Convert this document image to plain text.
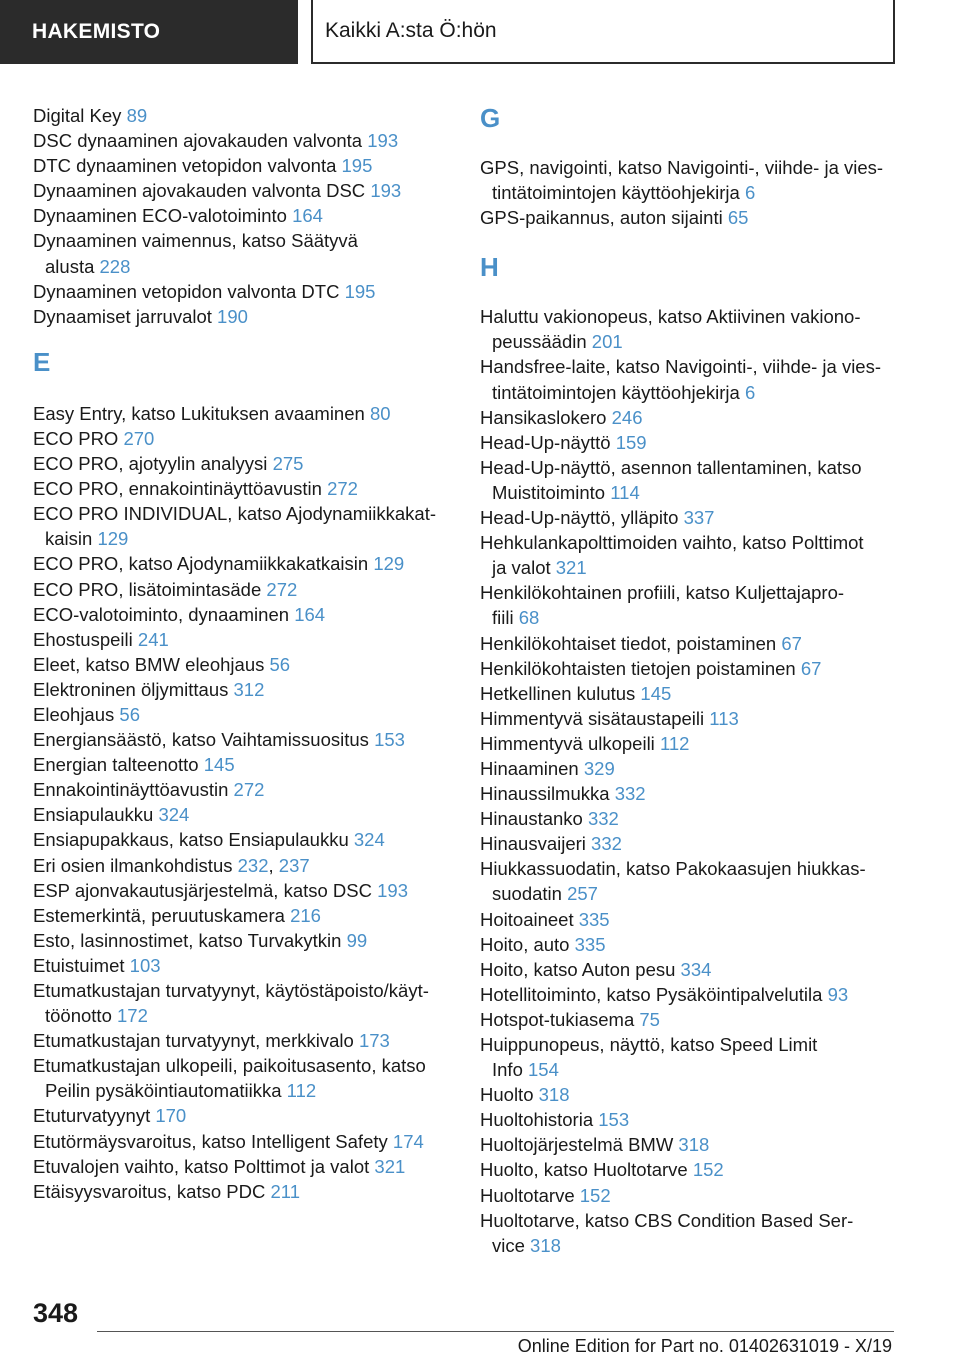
HAKEMISTO	Kaikki A:sta Ö:hön
Digital Key 89
DSC dynaaminen ajovakauden valvonta 193
DTC dynaaminen vetopidon valvonta 195
Dynaaminen ajovakauden valvonta DSC 193
Dynaaminen ECO-valotoiminto 164
Dynaaminen vaimennus, katso Säätyvä
alusta 228
Dynaaminen vetopidon valvonta DTC 195
Dynaamiset jarruvalot 190
E
Easy Entry, katso Lukituksen avaaminen 80
ECO PRO 270
ECO PRO, ajotyylin analyysi 275
ECO PRO, ennakointinäyttöavustin 272
ECO PRO INDIVIDUAL, katso Ajodynamiikkakat-
kaisin 129
ECO PRO, katso Ajodynamiikkakatkaisin 129
ECO PRO, lisätoimintasäde 272
ECO-valotoiminto, dynaaminen 164
Ehostuspeili 241
Eleet, katso BMW eleohjaus 56
Elektroninen öljymittaus 312
Eleohjaus 56
Energiansäästö, katso Vaihtamissuositus 153
Energian talteenotto 145
Ennakointinäyttöavustin 272
Ensiapulaukku 324
Ensiapupakkaus, katso Ensiapulaukku 324
Eri osien ilmankohdistus 232, 237
ESP ajonvakautusjärjestelmä, katso DSC 193
Estemerkintä, peruutuskamera 216
Esto, lasinnostimet, katso Turvakytkin 99
Etuistuimet 103
Etumatkustajan turvatyynyt, käytöstäpoisto/käyt-
töönotto 172
Etumatkustajan turvatyynyt, merkkivalo 173
Etumatkustajan ulkopeili, paikoitusasento, katso
Peilin pysäköintiautomatiikka 112
Etuturvatyynyt 170
Etutörmäysvaroitus, katso Intelligent Safety 174
Etuvalojen vaihto, katso Polttimot ja valot 321
Etäisyysvaroitus, katso PDC 211
G
GPS, navigointi, katso Navigointi-, viihde- ja vies-
tintätoimintojen käyttöohjekirja 6
GPS-paikannus, auton sijainti 65
H
Haluttu vakionopeus, katso Aktiivinen vakiono-
peussäädin 201
Handsfree-laite, katso Navigointi-, viihde- ja vies-
tintätoimintojen käyttöohjekirja 6
Hansikaslokero 246
Head-Up-näyttö 159
Head-Up-näyttö, asennon tallentaminen, katso
Muistitoiminto 114
Head-Up-näyttö, ylläpito 337
Hehkulankapolttimoiden vaihto, katso Polttimot
ja valot 321
Henkilökohtainen profiili, katso Kuljettajapro-
fiili 68
Henkilökohtaiset tiedot, poistaminen 67
Henkilökohtaisten tietojen poistaminen 67
Hetkellinen kulutus 145
Himmentyvä sisätaustapeili 113
Himmentyvä ulkopeili 112
Hinaaminen 329
Hinaussilmukka 332
Hinaustanko 332
Hinausvaijeri 332
Hiukkassuodatin, katso Pakokaasujen hiukkas-
suodatin 257
Hoitoaineet 335
Hoito, auto 335
Hoito, katso Auton pesu 334
Hotellitoiminto, katso Pysäköintipalvelutila 93
Hotspot-tukiasema 75
Huippunopeus, näyttö, katso Speed Limit
Info 154
Huolto 318
Huoltohistoria 153
Huoltojärjestelmä BMW 318
Huolto, katso Huoltotarve 152
Huoltotarve 152
Huoltotarve, katso CBS Condition Based Ser-
vice 318
348
Online Edition for Part no. 01402631019 - X/19
